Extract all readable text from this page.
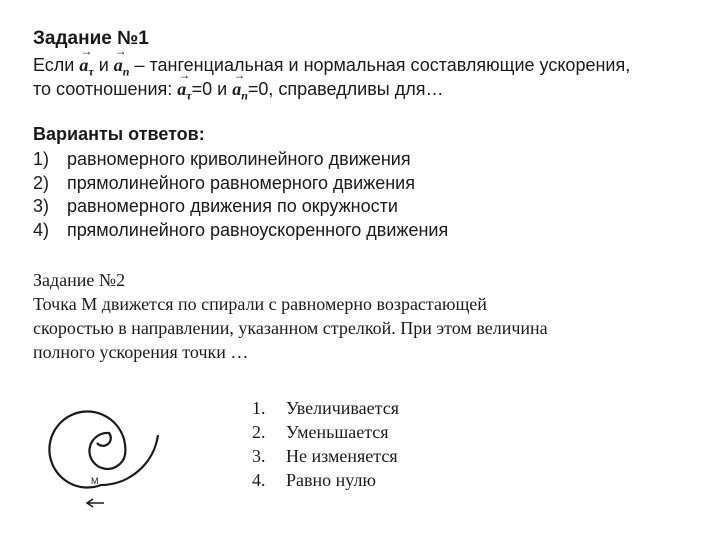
Задание №1
Если → $a_\tau$ $и \to a_n$ – тангенциальная и нормальная составляющие ускорения,
то соотношения: → $a_\tau=0$ $и \to a_n=0$, справедливы для…
Варианты ответов:
1) равномерного криволинейного движения
2) прямолинейного равномерного движения
3) равномерного движения по окружности
4) прямолинейного равноускоренного движения
Задание №2
Точка М движется по спирали с равномерно возрастающей
скоростью в направлении, указанном стрелкой. При этом величина
полного ускорения точки …
M
1. Увеличивается
2. Уменьшается
3. Не изменяется
4. Равно нулю
